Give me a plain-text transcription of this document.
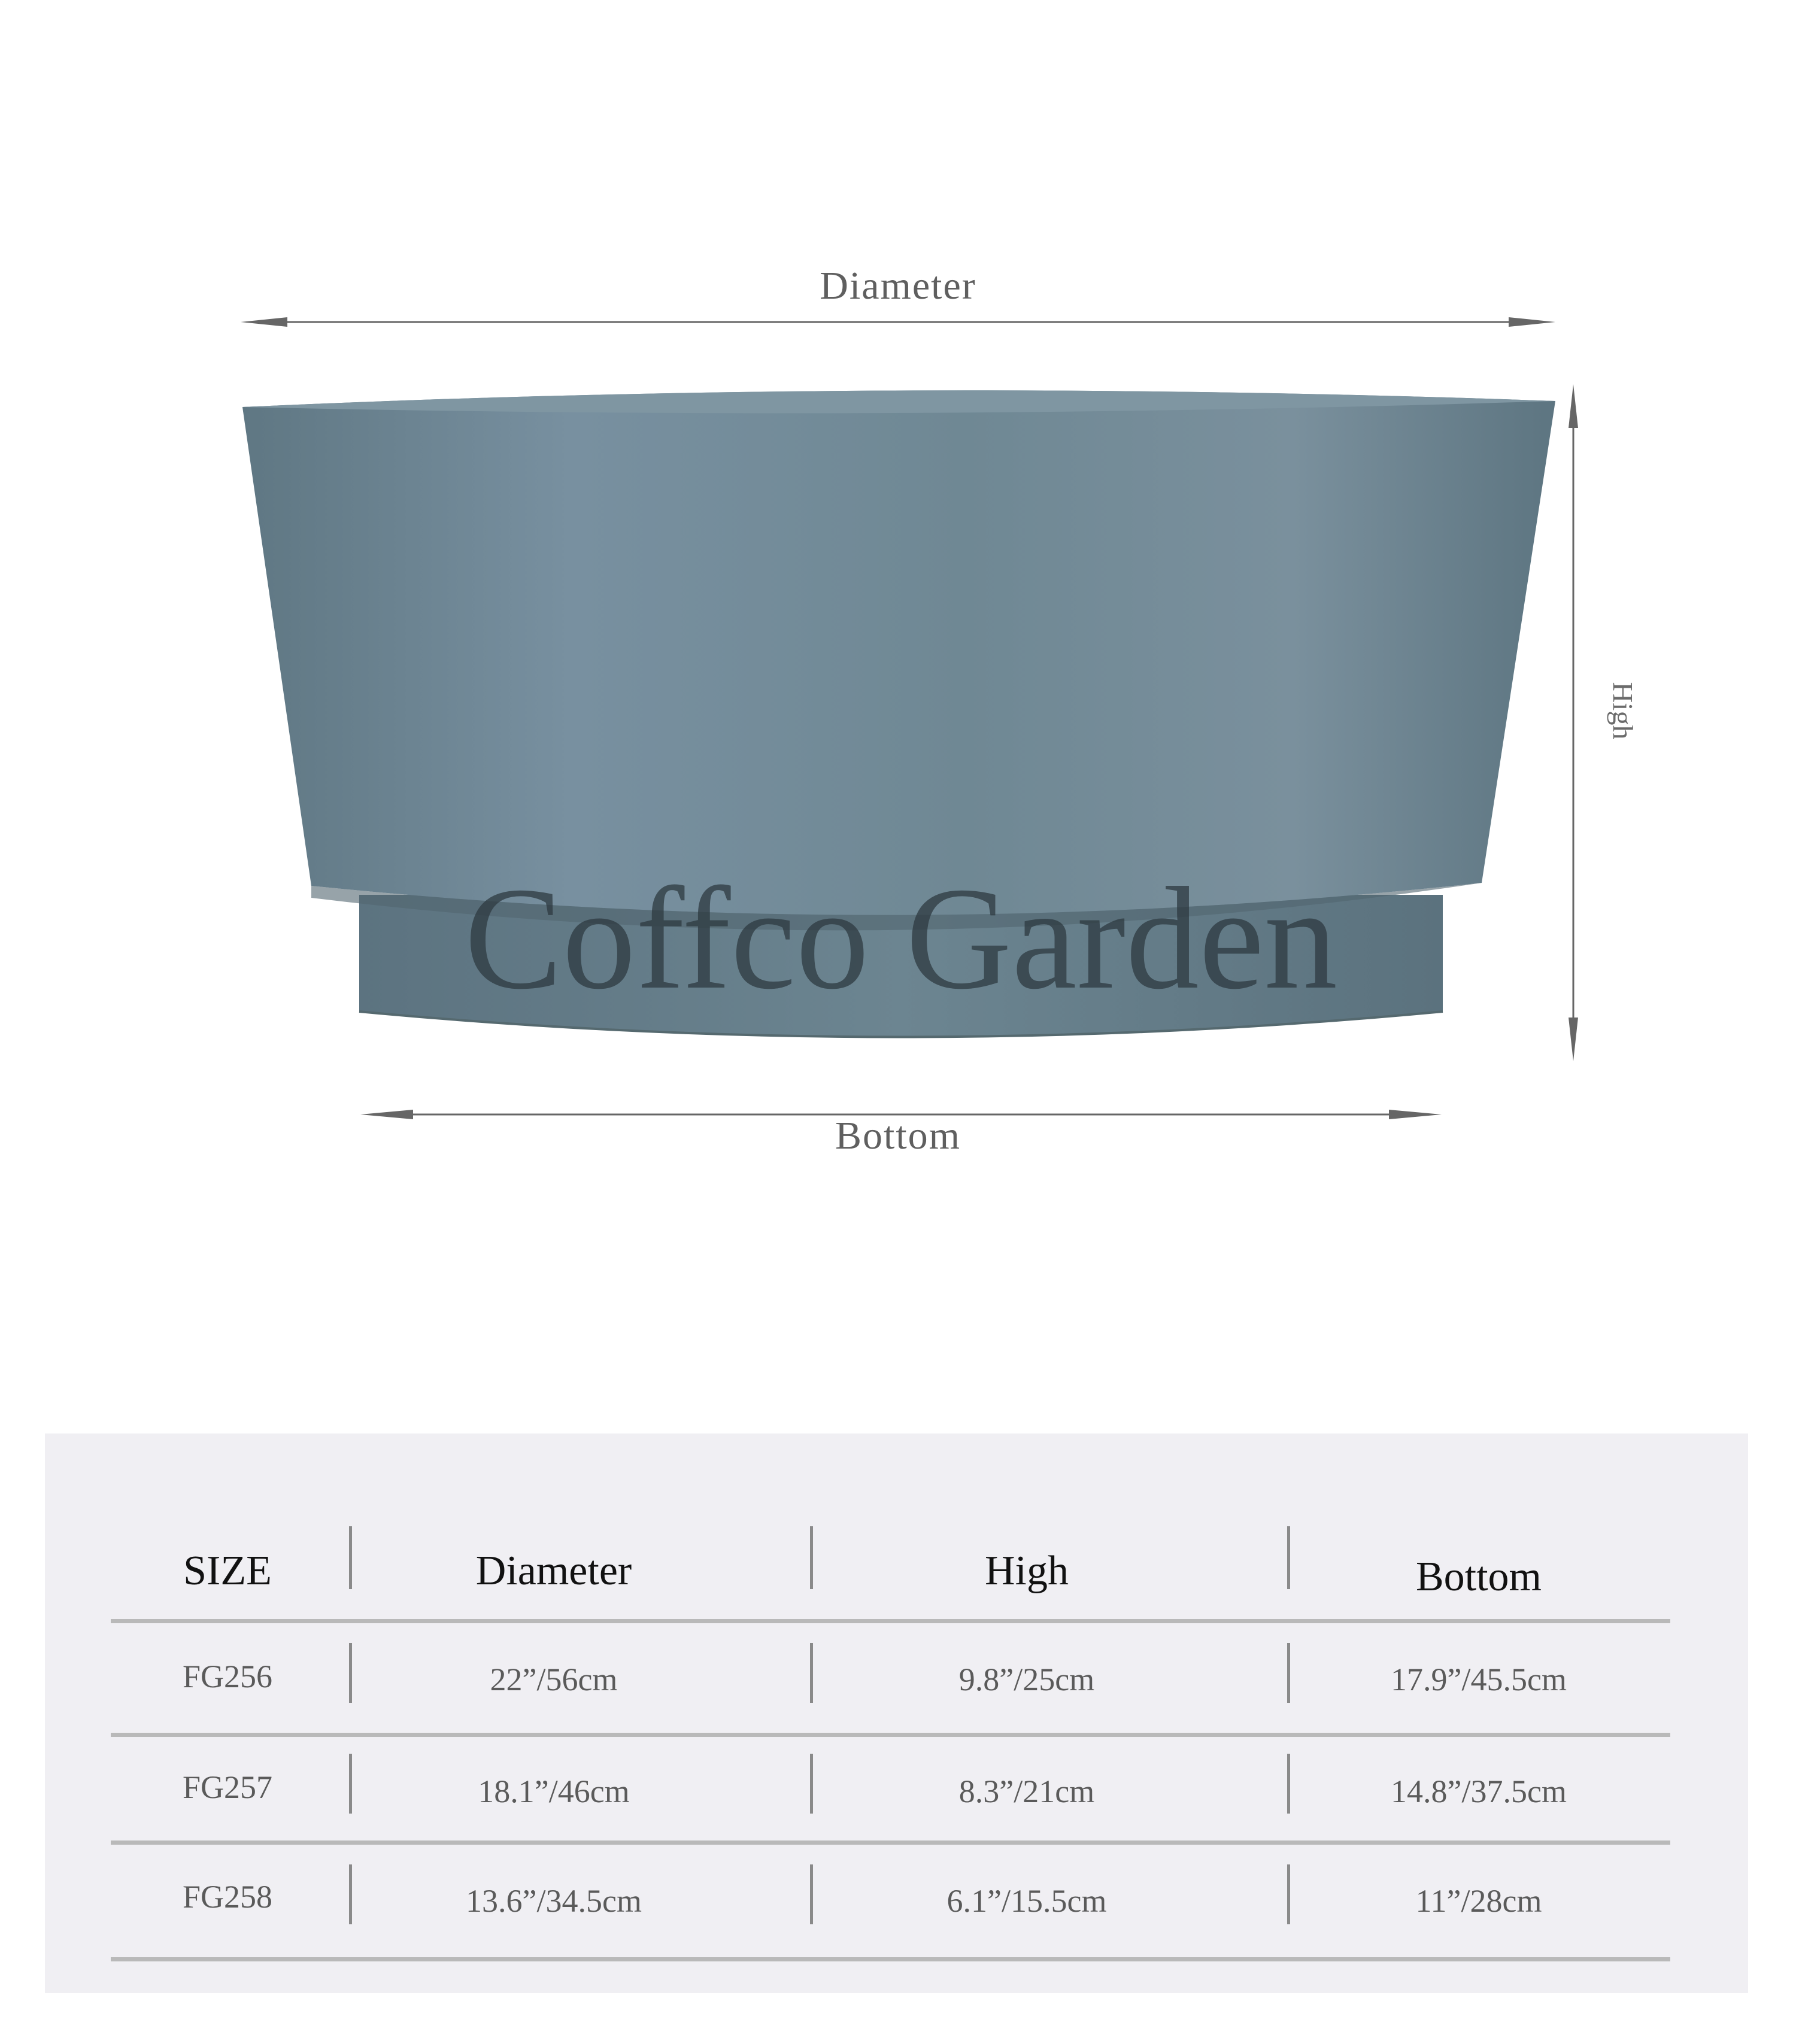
Coffco Garden
Diameter
Bottom
High
SIZE	Diameter	High	Bottom
FG256	22”/56cm	9.8”/25cm	17.9”/45.5cm
FG257	18.1”/46cm	8.3”/21cm	14.8”/37.5cm
FG258	13.6”/34.5cm	6.1”/15.5cm	11”/28cm
